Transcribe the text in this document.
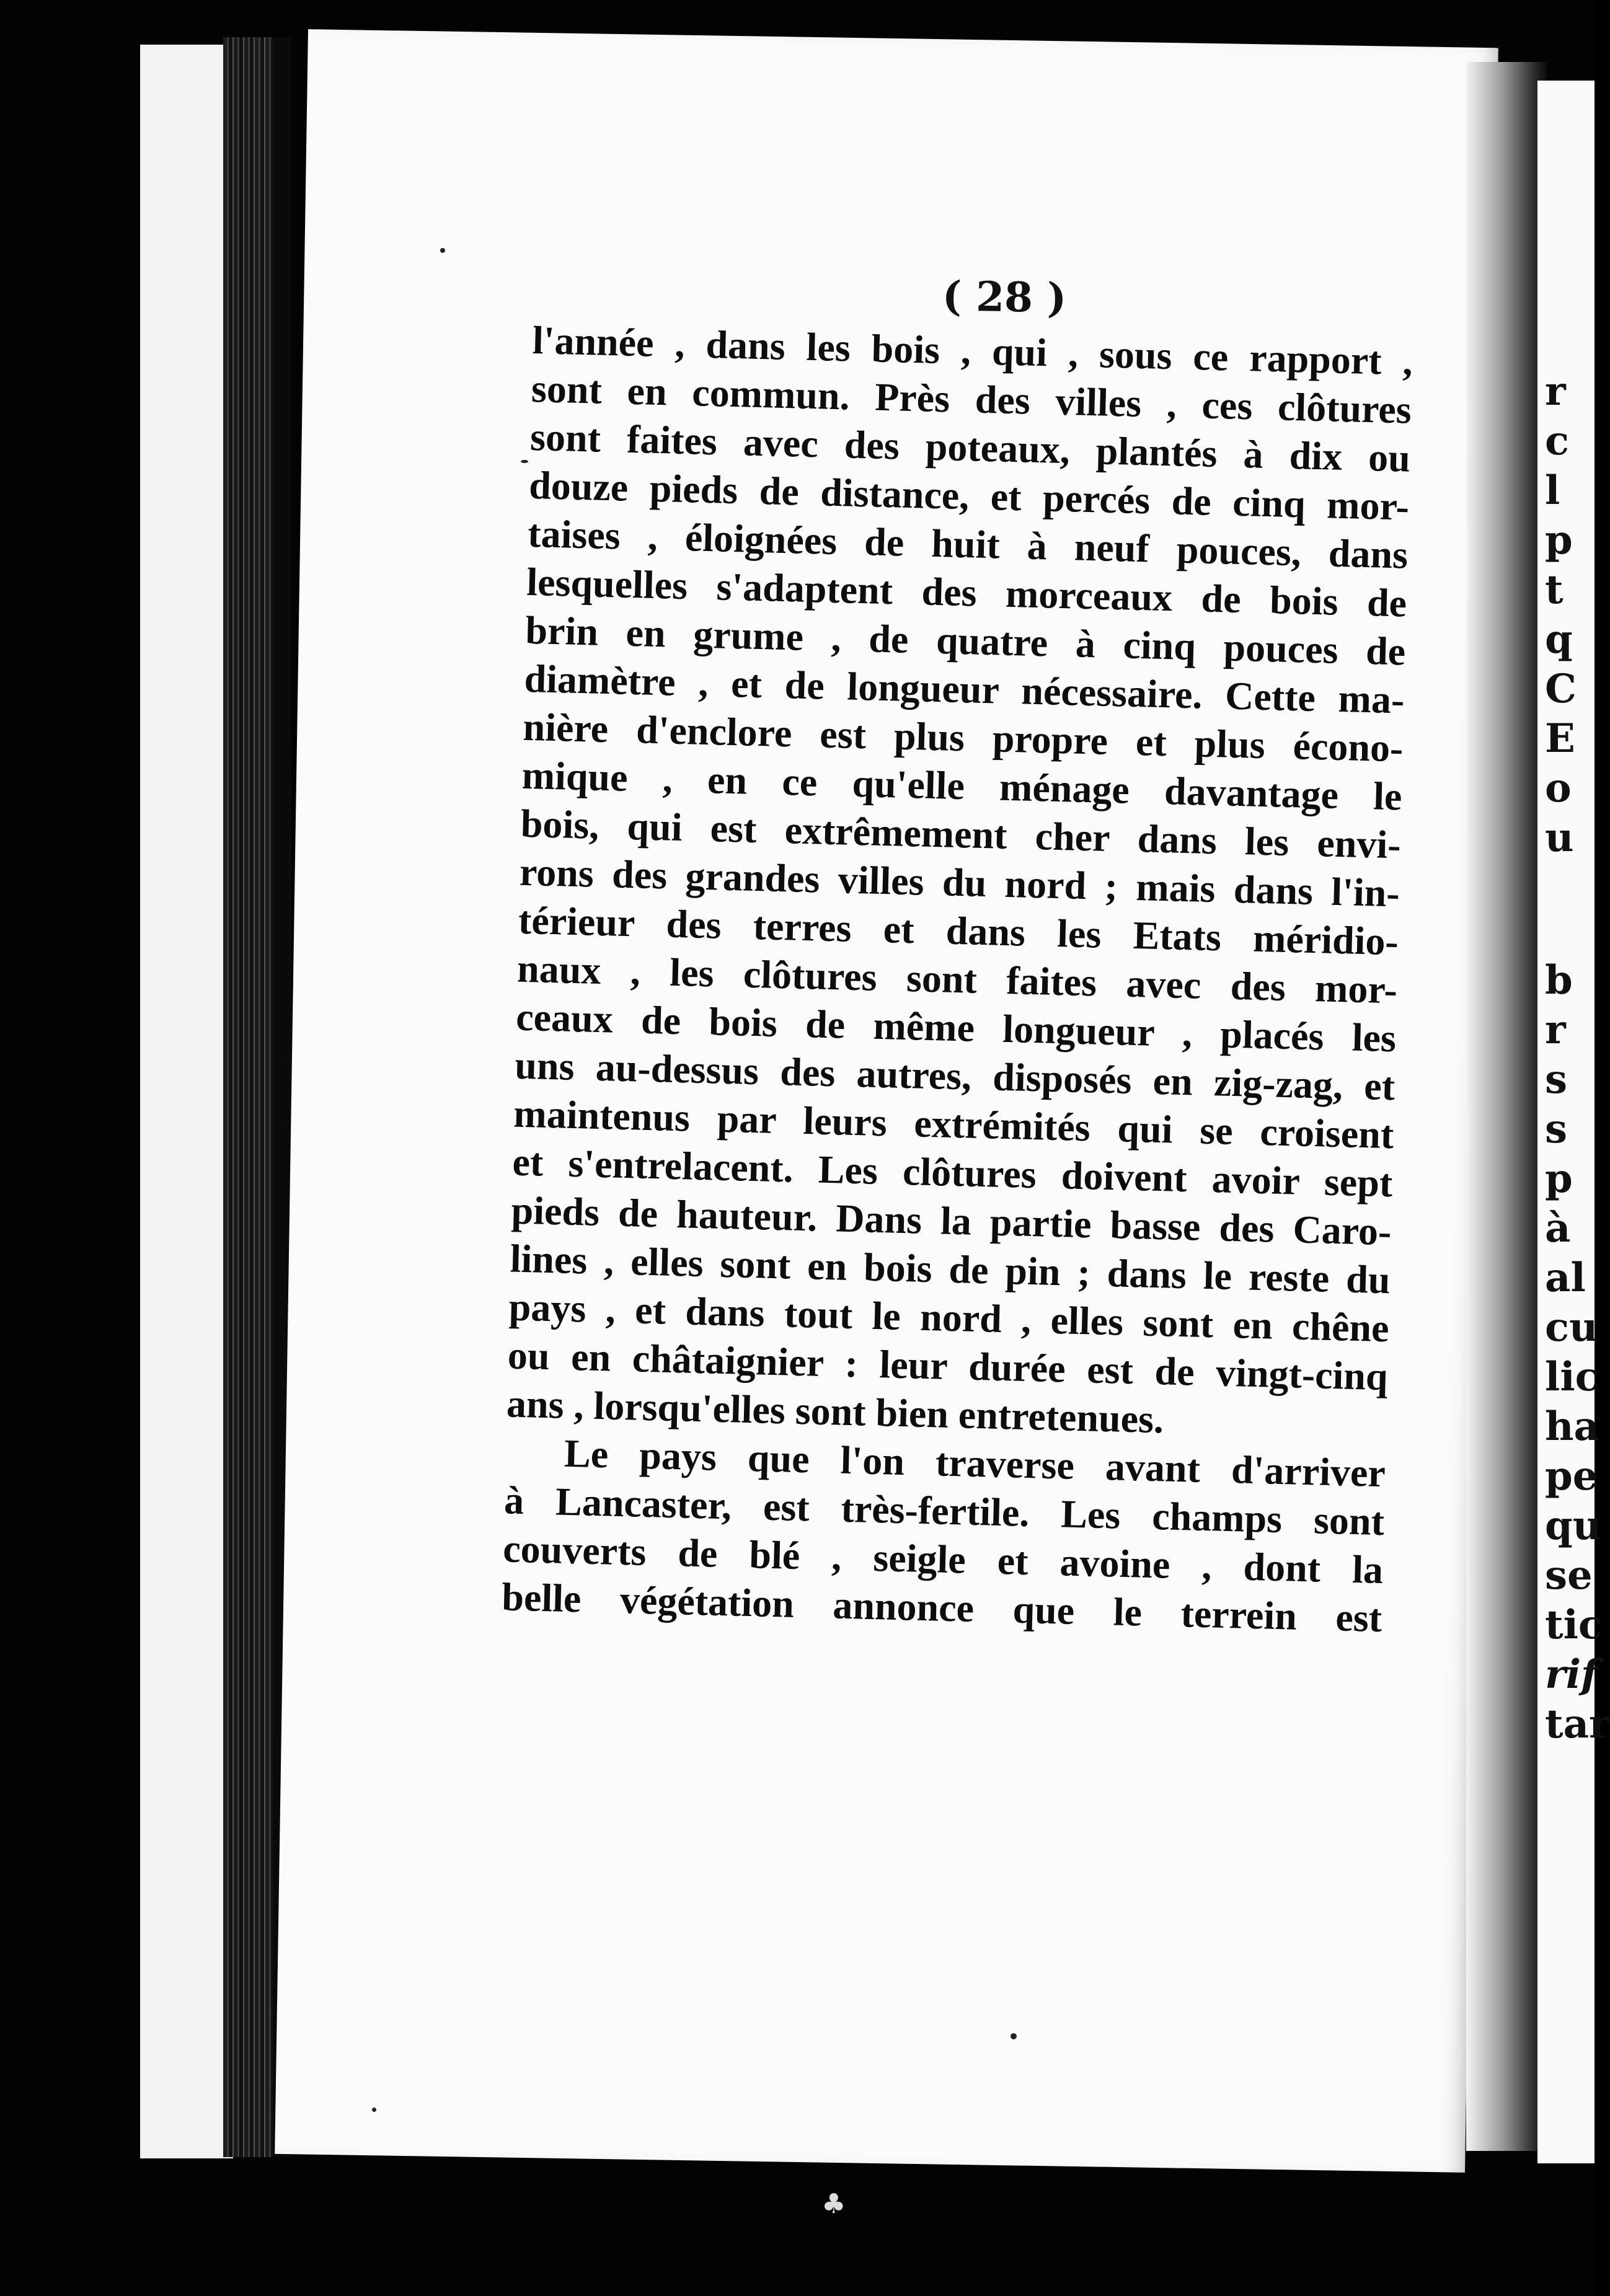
r
c
l
p
t
q
C
E
o
u
b
r
s
s
p
à
al
cu
lic
ha
pe
qu
se
tic
rif
tar
( 28 )
l'année , dans les bois , qui , sous ce rapport ,
sont en commun. Près des villes , ces clôtures
sont faites avec des poteaux, plantés à dix ou
douze pieds de distance, et percés de cinq mor-
taises , éloignées de huit à neuf pouces, dans
lesquelles s'adaptent des morceaux de bois de
brin en grume , de quatre à cinq pouces de
diamètre , et de longueur nécessaire. Cette ma-
nière d'enclore est plus propre et plus écono-
mique , en ce qu'elle ménage davantage le
bois, qui est extrêmement cher dans les envi-
rons des grandes villes du nord ; mais dans l'in-
térieur des terres et dans les Etats méridio-
naux , les clôtures sont faites avec des mor-
ceaux de bois de même longueur , placés les
uns au-dessus des autres, disposés en zig-zag, et
maintenus par leurs extrémités qui se croisent
et s'entrelacent. Les clôtures doivent avoir sept
pieds de hauteur. Dans la partie basse des Caro-
lines , elles sont en bois de pin ; dans le reste du
pays , et dans tout le nord , elles sont en chêne
ou en châtaignier : leur durée est de vingt-cinq
ans , lorsqu'elles sont bien entretenues.
Le pays que l'on traverse avant d'arriver
à Lancaster, est très-fertile. Les champs sont
couverts de blé , seigle et avoine , dont la
belle végétation annonce que le terrein est
♣
